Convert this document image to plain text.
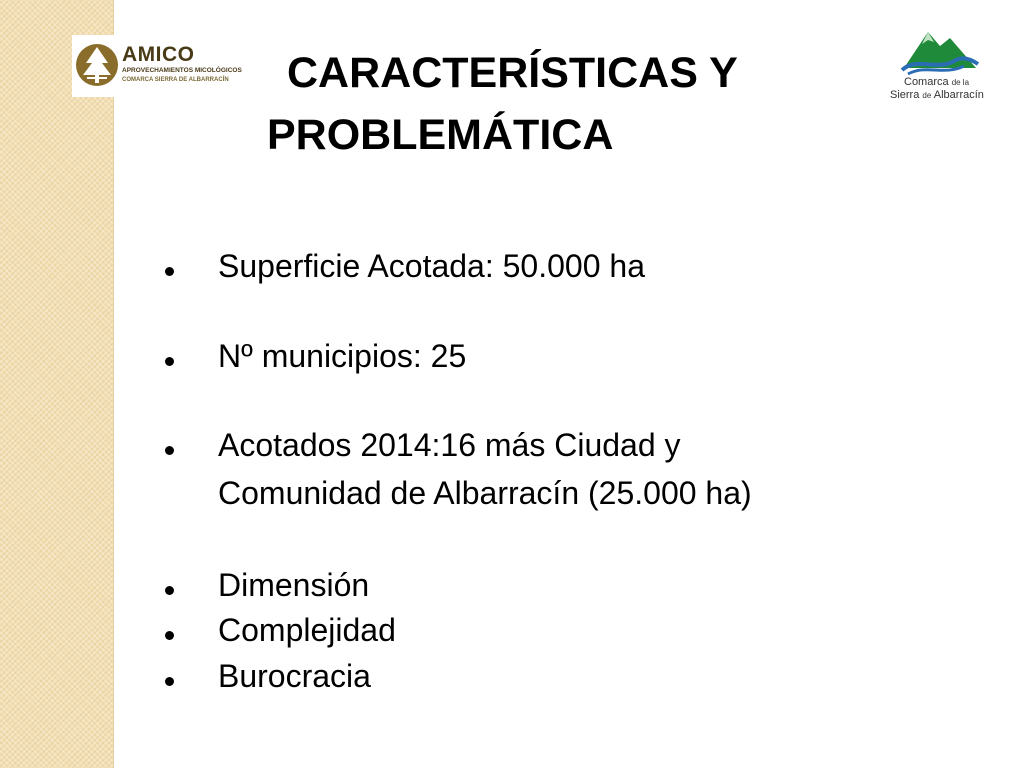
AMICO
APROVECHAMIENTOS MICOLÓGICOS
COMARCA SIERRA DE ALBARRACÍN	Comarca de la
Sierra de Albarracín
CARACTERÍSTICAS Y
PROBLEMÁTICA
Superficie Acotada: 50.000 ha
Nº municipios: 25
Acotados 2014:16 más Ciudad y
Comunidad de Albarracín (25.000 ha)
Dimensión
Complejidad
Burocracia
